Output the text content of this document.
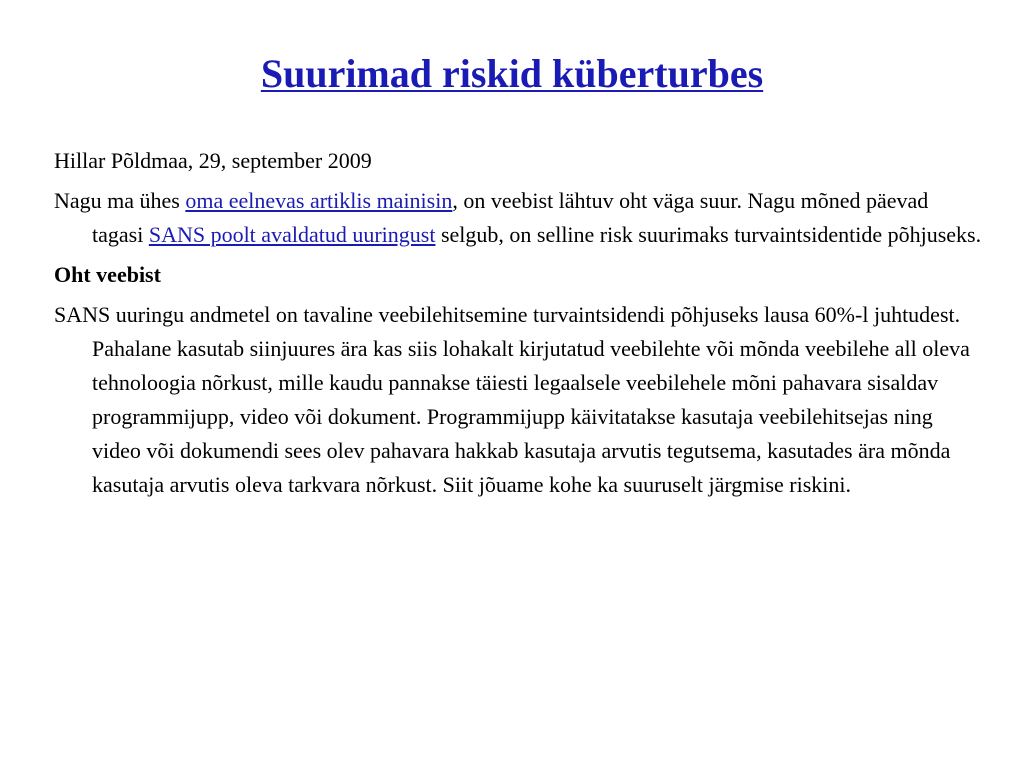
Suurimad riskid küberturbes

Hillar Põldmaa, 29, september 2009

Nagu ma ühes oma eelnevas artiklis mainisin, on veebist lähtuv oht väga suur. Nagu mõned päevad tagasi SANS poolt avaldatud uuringust selgub, on selline risk suurimaks turvaintsidentide põhjuseks.

Oht veebist

SANS uuringu andmetel on tavaline veebilehitsemine turvaintsidendi põhjuseks lausa 60%-l juhtudest. Pahalane kasutab siinjuures ära kas siis lohakalt kirjutatud veebilehte või mõnda veebilehe all oleva tehnoloogia nõrkust, mille kaudu pannakse täiesti legaalsele veebilehele mõni pahavara sisaldav programmijupp, video või dokument. Programmijupp käivitatakse kasutaja veebilehitsejas ning video või dokumendi sees olev pahavara hakkab kasutaja arvutis tegutsema, kasutades ära mõnda kasutaja arvutis oleva tarkvara nõrkust. Siit jõuame kohe ka suuruselt järgmise riskini.
